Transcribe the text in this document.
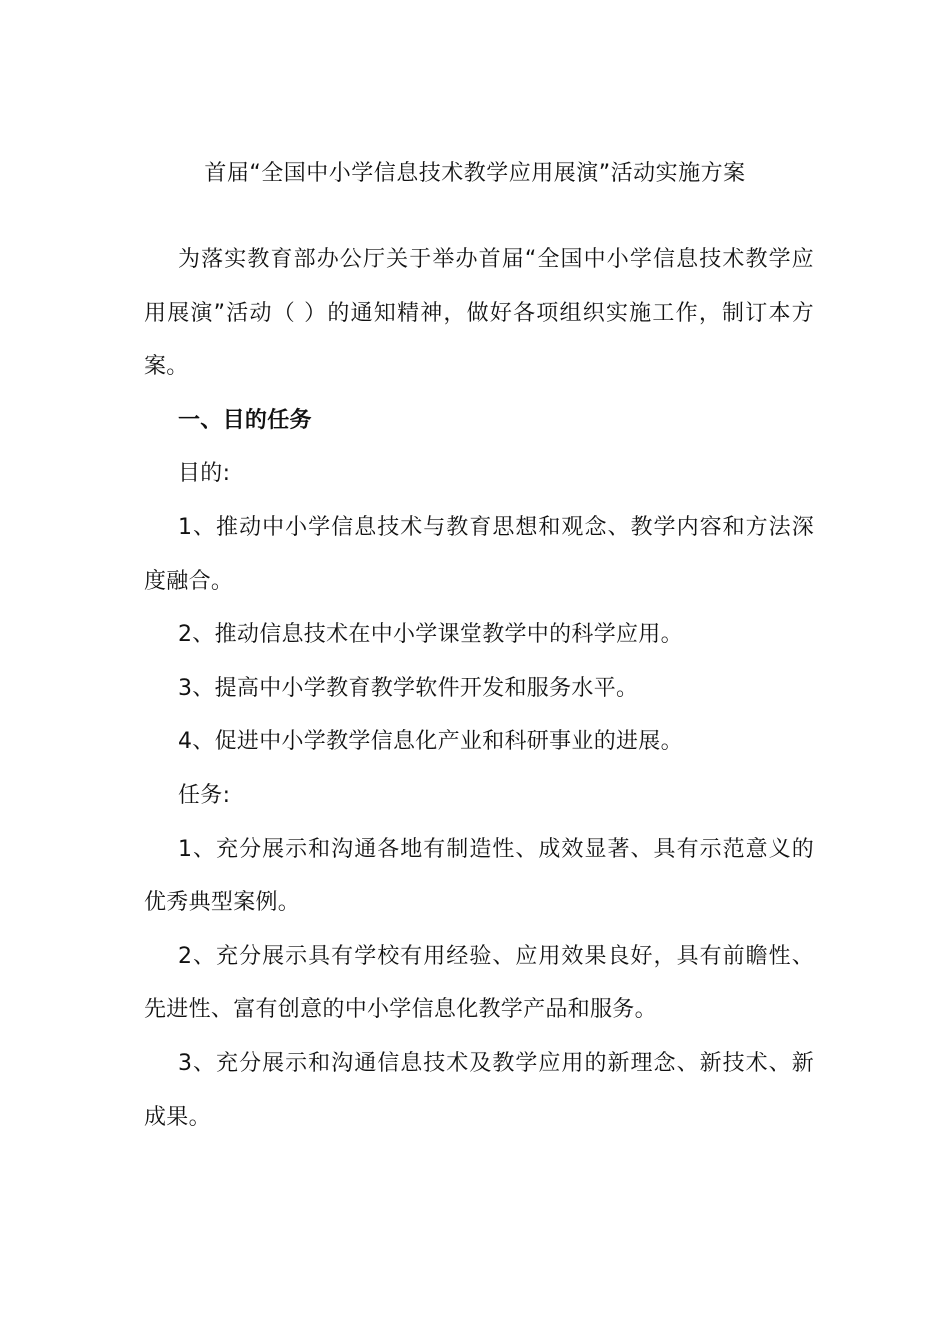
首届“全国中小学信息技术教学应用展演”活动实施方案

为落实教育部办公厅关于举办首届“全国中小学信息技术教学应用展演”活动（ ）的通知精神，做好各项组织实施工作，制订本方案。

一、目的任务

目的:

1、推动中小学信息技术与教育思想和观念、教学内容和方法深度融合。

2、推动信息技术在中小学课堂教学中的科学应用。

3、提高中小学教育教学软件开发和服务水平。

4、促进中小学教学信息化产业和科研事业的进展。

任务:

1、充分展示和沟通各地有制造性、成效显著、具有示范意义的优秀典型案例。

2、充分展示具有学校有用经验、应用效果良好，具有前瞻性、先进性、富有创意的中小学信息化教学产品和服务。

3、充分展示和沟通信息技术及教学应用的新理念、新技术、新成果。
